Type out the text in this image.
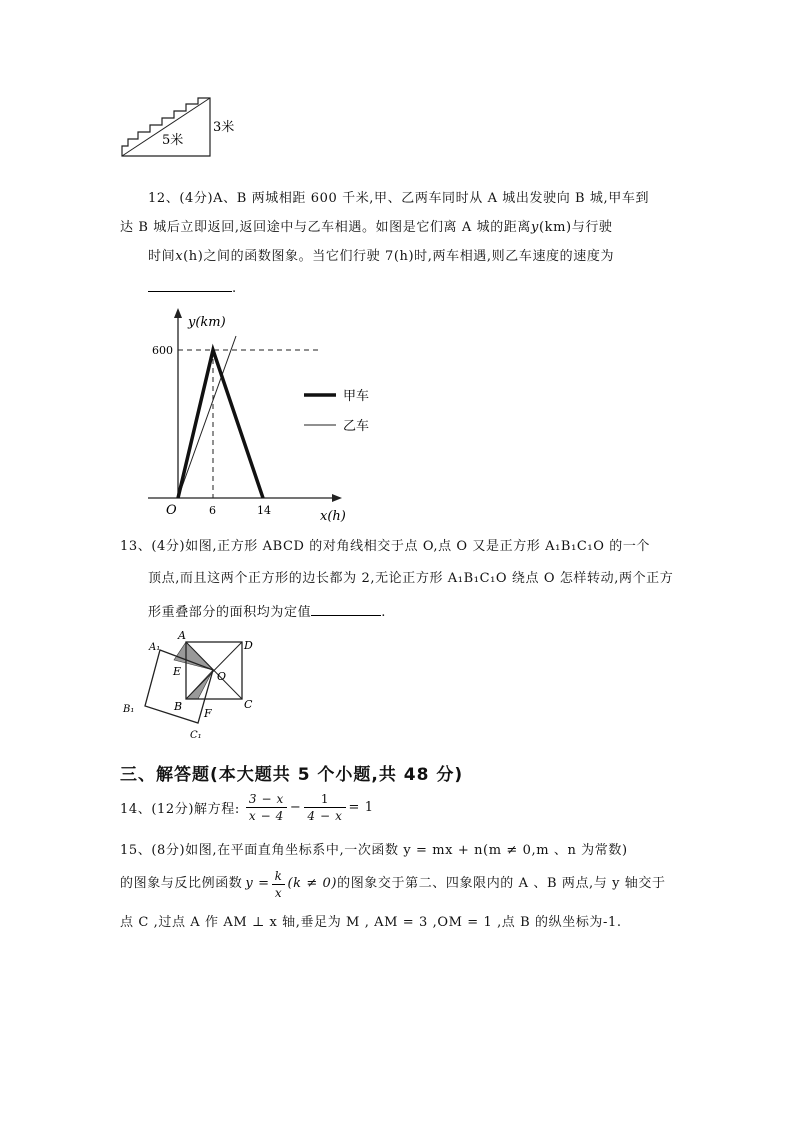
5米
3米
12、(4分)A、B 两城相距 600 千米,甲、乙两车同时从 A 城出发驶向 B 城,甲车到
达 B 城后立即返回,返回途中与乙车相遇。如图是它们离 A 城的距离y(km)与行驶
时间x(h)之间的函数图象。当它们行驶 7(h)时,两车相遇,则乙车速度的速度为
.
y(km)
600
O	6	14	x(h)
甲车
乙车
13、(4分)如图,正方形 ABCD 的对角线相交于点 O,点 O 又是正方形 A₁B₁C₁O 的一个
顶点,而且这两个正方形的边长都为 2,无论正方形 A₁B₁C₁O 绕点 O 怎样转动,两个正方
形重叠部分的面积均为定值	.
A
D
C
B
E	O
F
A₁
B₁
C₁
三、解答题(本大题共 5 个小题,共 48 分)
14、(12分)解方程: $\frac{3 - x}{x - 4} - \frac{1}{4 - x} = 1$
15、(8分)如图,在平面直角坐标系中,一次函数 y = mx + n(m ≠ 0,m 、n 为常数)
的图象与反比例函数 $y = \frac{k}{x} (k \ne 0)$ 的图象交于第二、四象限内的 A 、B 两点,与 y 轴交于
点 C ,过点 A 作 AM ⊥ x 轴,垂足为 M , AM = 3 ,OM = 1 ,点 B 的纵坐标为-1.
